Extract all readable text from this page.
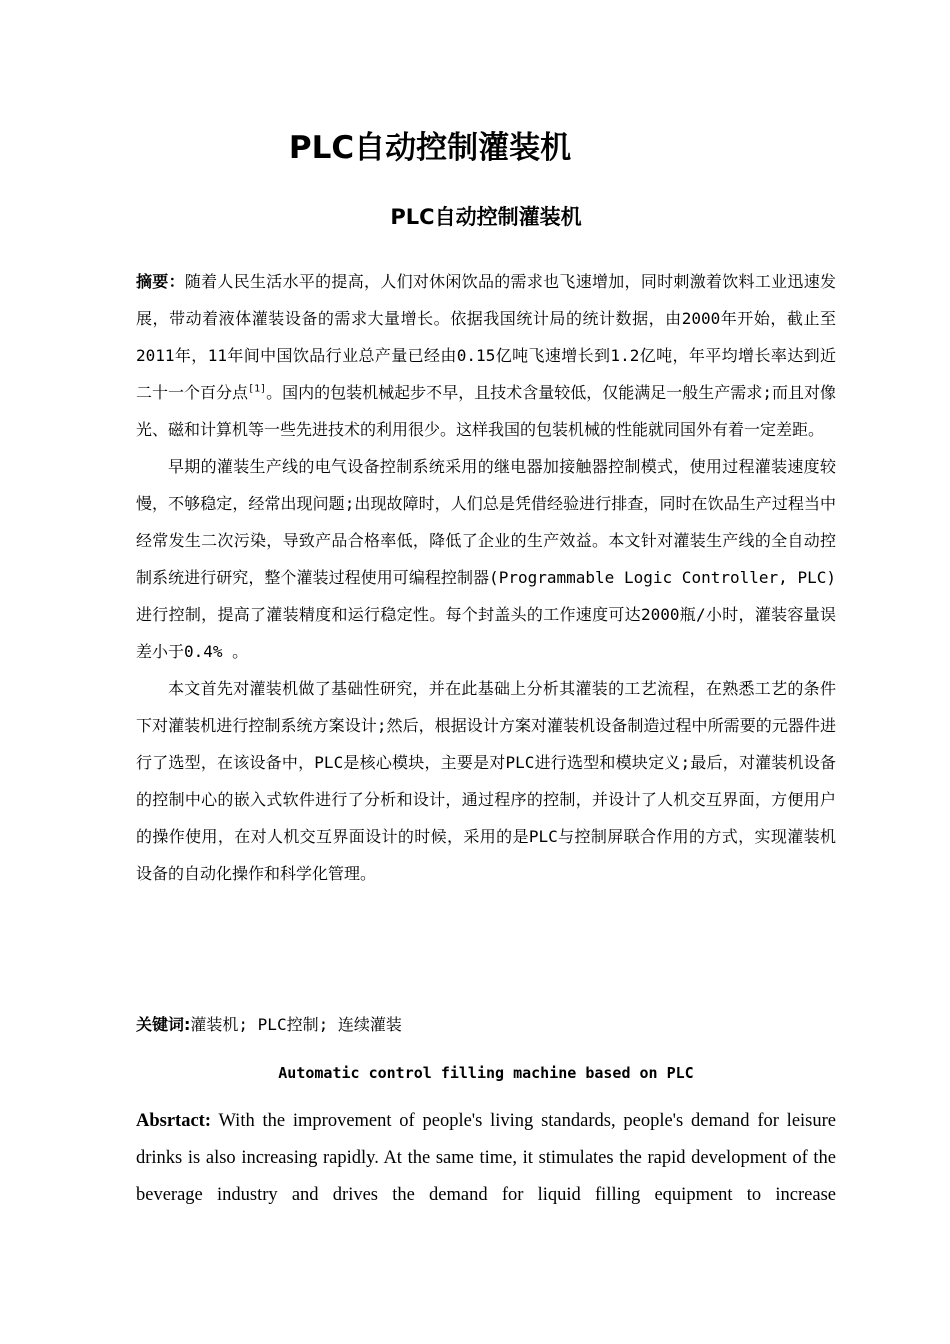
PLC自动控制灌装机
PLC自动控制灌装机

摘要：随着人民生活水平的提高，人们对休闲饮品的需求也飞速增加，同时刺激着饮料工业迅速发展，带动着液体灌装设备的需求大量增长。依据我国统计局的统计数据，由2000年开始，截止至2011年，11年间中国饮品行业总产量已经由0.15亿吨飞速增长到1.2亿吨，年平均增长率达到近二十一个百分点[1]。国内的包装机械起步不早，且技术含量较低，仅能满足一般生产需求;而且对像光、磁和计算机等一些先进技术的利用很少。这样我国的包装机械的性能就同国外有着一定差距。

早期的灌装生产线的电气设备控制系统采用的继电器加接触器控制模式，使用过程灌装速度较慢，不够稳定，经常出现问题;出现故障时，人们总是凭借经验进行排查，同时在饮品生产过程当中经常发生二次污染，导致产品合格率低，降低了企业的生产效益。本文针对灌装生产线的全自动控制系统进行研究，整个灌装过程使用可编程控制器(Programmable Logic Controller, PLC)进行控制，提高了灌装精度和运行稳定性。每个封盖头的工作速度可达2000瓶/小时，灌装容量误差小于0.4% 。

本文首先对灌装机做了基础性研究，并在此基础上分析其灌装的工艺流程，在熟悉工艺的条件下对灌装机进行控制系统方案设计;然后，根据设计方案对灌装机设备制造过程中所需要的元器件进行了选型，在该设备中，PLC是核心模块，主要是对PLC进行选型和模块定义;最后，对灌装机设备的控制中心的嵌入式软件进行了分析和设计，通过程序的控制，并设计了人机交互界面，方便用户的操作使用，在对人机交互界面设计的时候，采用的是PLC与控制屏联合作用的方式，实现灌装机设备的自动化操作和科学化管理。

关键词:灌装机; PLC控制; 连续灌装
Automatic control filling machine based on PLC

Absrtact: With the improvement of people's living standards, people's demand for leisure drinks is also increasing rapidly. At the same time, it stimulates the rapid development of the beverage industry and drives the demand for liquid filling equipment to increase
